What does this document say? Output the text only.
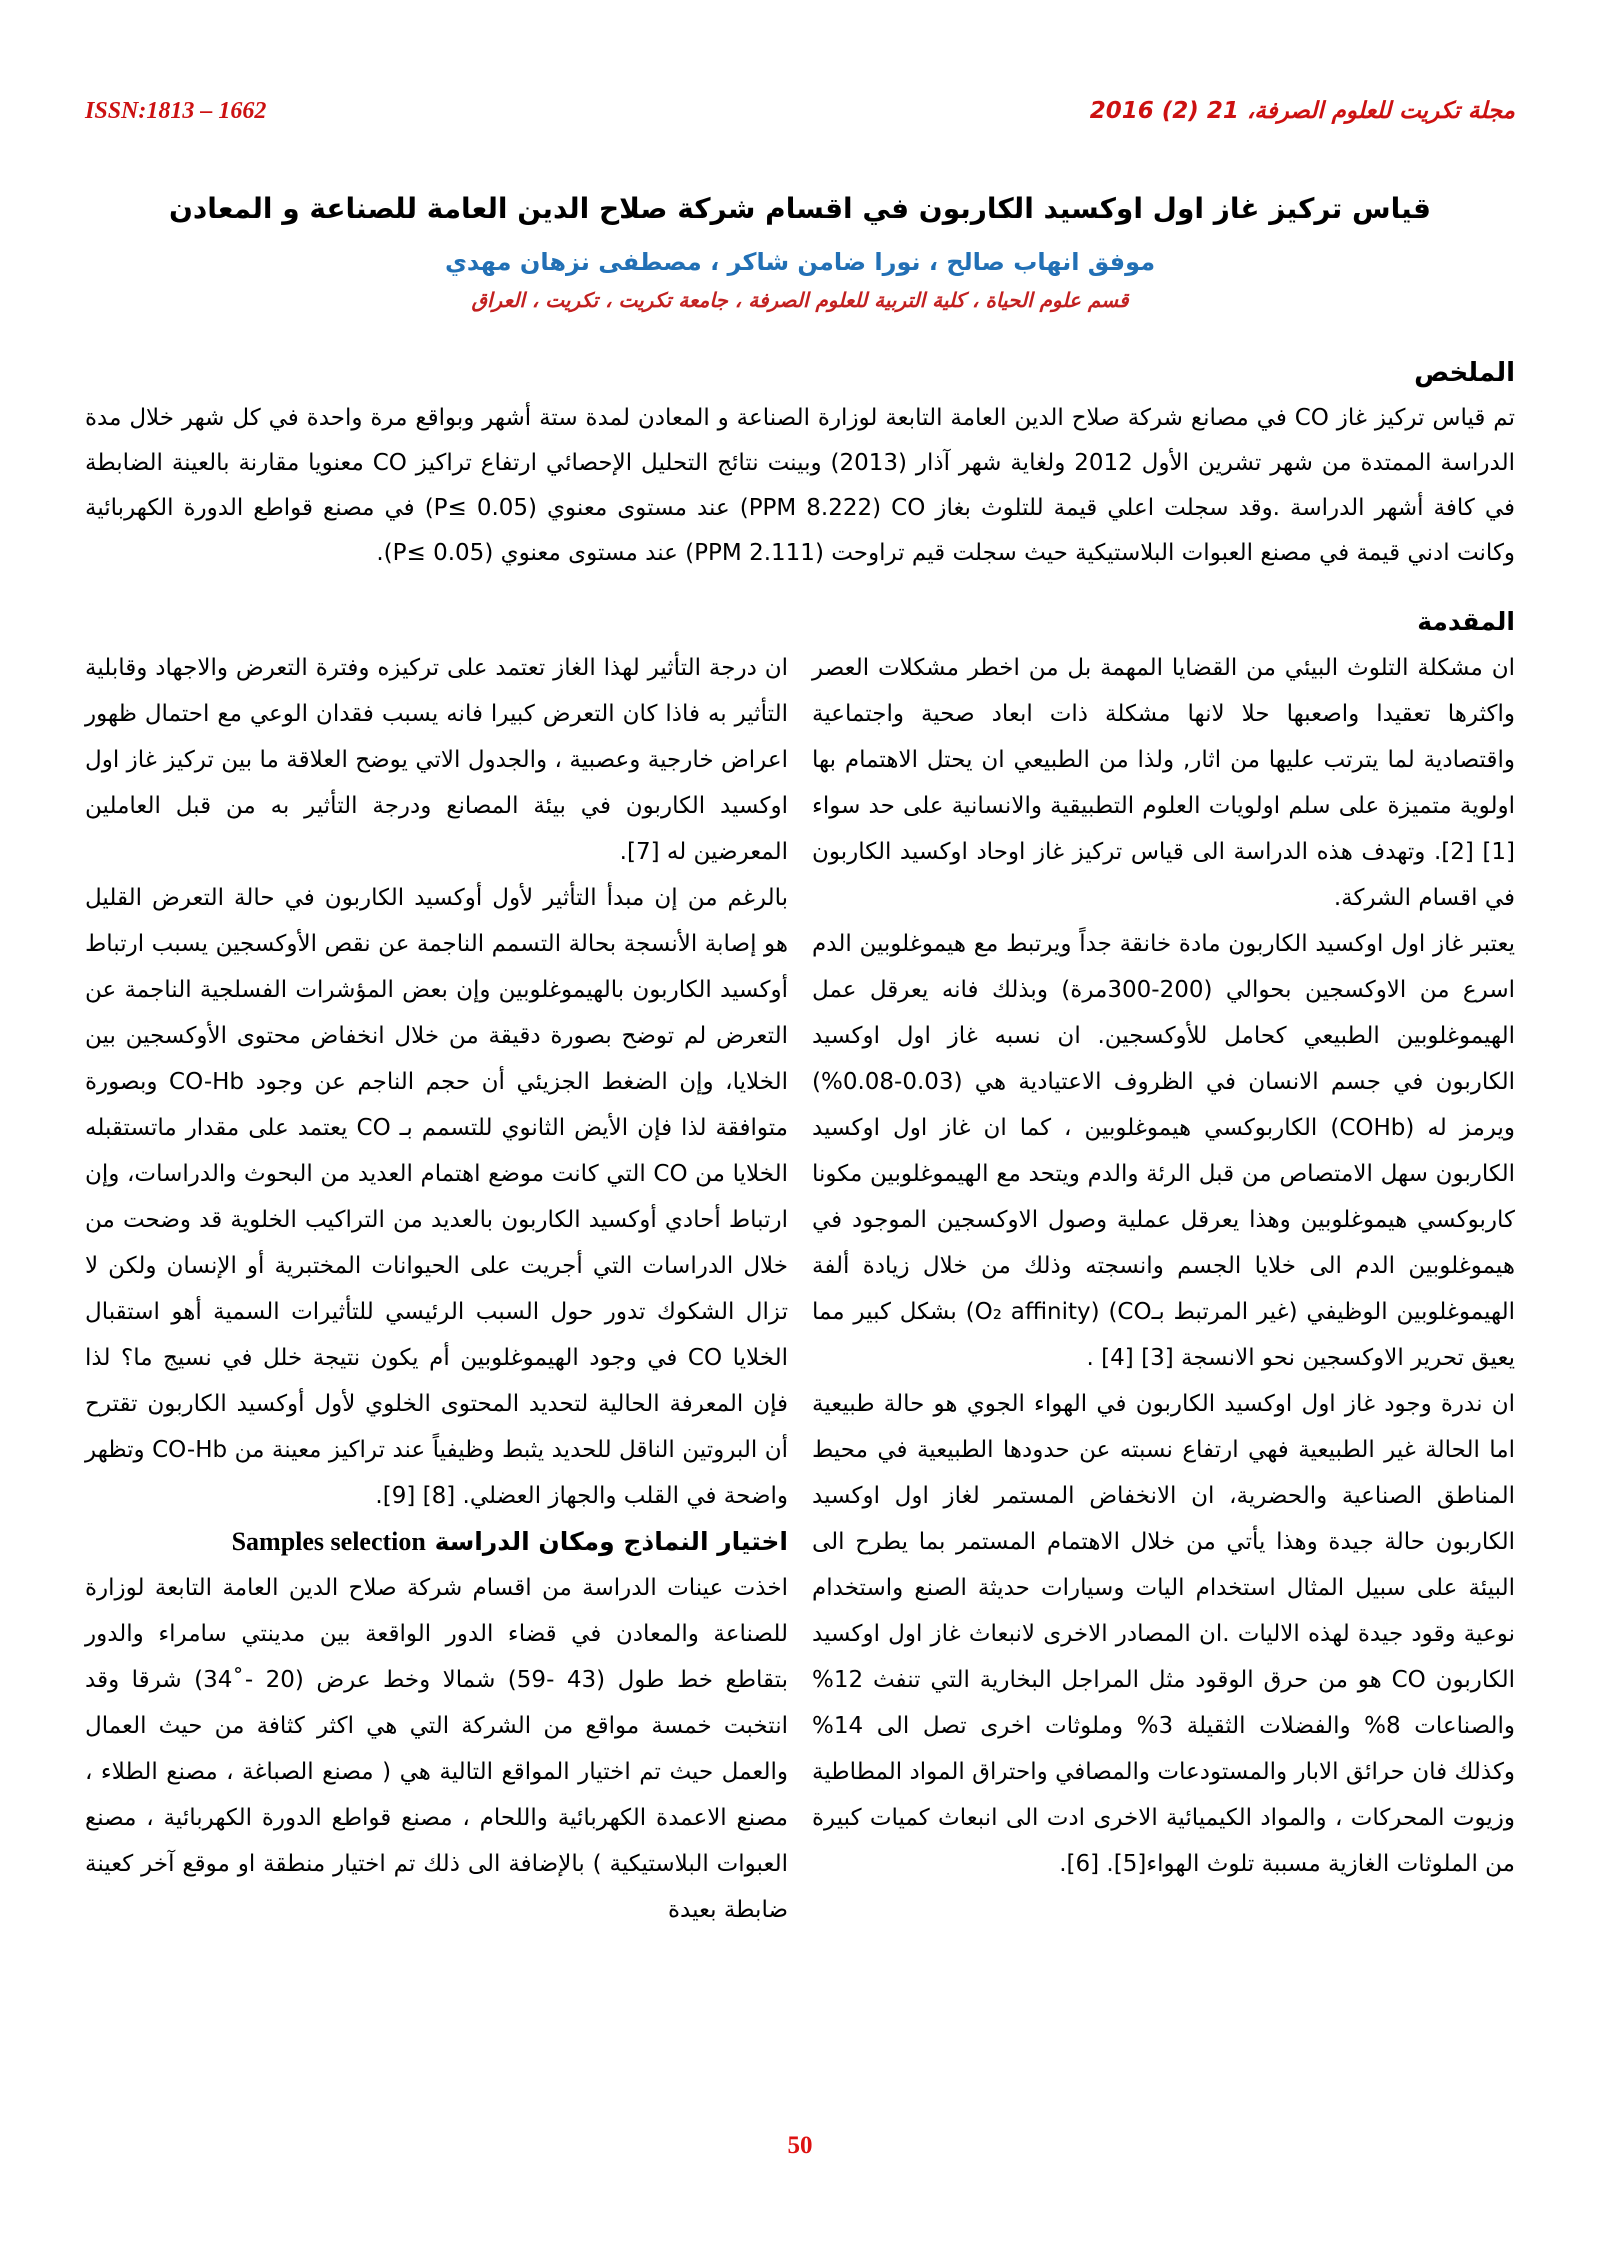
ISSN:1813 – 1662	مجلة تكريت للعلوم الصرفة، 21 (2) 2016
قياس تركيز غاز اول اوكسيد الكاربون في اقسام شركة صلاح الدين العامة للصناعة و المعادن
موفق انهاب صالح ، نورا ضامن شاكر ، مصطفى نزهان مهدي
قسم علوم الحياة ، كلية التربية للعلوم الصرفة ، جامعة تكريت ، تكريت ، العراق
الملخص

تم قياس تركيز غاز CO في مصانع شركة صلاح الدين العامة التابعة لوزارة الصناعة و المعادن لمدة ستة أشهر وبواقع مرة واحدة في كل شهر خلال مدة الدراسة الممتدة من شهر تشرين الأول 2012 ولغاية شهر آذار (2013) وبينت نتائج التحليل الإحصائي ارتفاع تراكيز CO معنويا مقارنة بالعينة الضابطة في كافة أشهر الدراسة .وقد سجلت اعلي قيمة للتلوث بغاز CO‏ (8.222 PPM) عند مستوى معنوي (P≤ 0.05) في مصنع قواطع الدورة الكهربائية وكانت ادني قيمة في مصنع العبوات البلاستيكية حيث سجلت قيم تراوحت (2.111 PPM) عند مستوى معنوي (P≤ 0.05).

ان درجة التأثير لهذا الغاز تعتمد على تركيزه وفترة التعرض والاجهاد وقابلية التأثير به فاذا كان التعرض كبيرا فانه يسبب فقدان الوعي مع احتمال ظهور اعراض خارجية وعصبية ، والجدول الاتي يوضح العلاقة ما بين تركيز غاز اول اوكسيد الكاربون في بيئة المصانع ودرجة التأثير به من قبل العاملين المعرضين له [7].

بالرغم من إن مبدأ التأثير لأول أوكسيد الكاربون في حالة التعرض القليل هو إصابة الأنسجة بحالة التسمم الناجمة عن نقص الأوكسجين يسبب ارتباط أوكسيد الكاربون بالهيموغلوبين وإن بعض المؤشرات الفسلجية الناجمة عن التعرض لم توضح بصورة دقيقة من خلال انخفاض محتوى الأوكسجين بين الخلايا، وإن الضغط الجزيئي أن حجم الناجم عن وجود CO-Hb وبصورة متوافقة لذا فإن الأيض الثانوي للتسمم بـ CO يعتمد على مقدار ماتستقبله الخلايا من CO التي كانت موضع اهتمام العديد من البحوث والدراسات، وإن ارتباط أحادي أوكسيد الكاربون بالعديد من التراكيب الخلوية قد وضحت من خلال الدراسات التي أجريت على الحيوانات المختبرية أو الإنسان ولكن لا تزال الشكوك تدور حول السبب الرئيسي للتأثيرات السمية أهو استقبال الخلايا CO في وجود الهيموغلوبين أم يكون نتيجة خلل في نسيج ما؟ لذا فإن المعرفة الحالية لتحديد المحتوى الخلوي لأول أوكسيد الكاربون تقترح أن البروتين الناقل للحديد يثبط وظيفياً عند تراكيز معينة من CO-Hb وتظهر واضحة في القلب والجهاز العضلي. [8] [9].

اختيار النماذج ومكان الدراسة Samples selection

اخذت عينات الدراسة من اقسام شركة صلاح الدين العامة التابعة لوزارة للصناعة والمعادن في قضاء الدور الواقعة بين مدينتي سامراء والدور بتقاطع خط طول (43 -59) شمالا وخط عرض (20 - 34ْ) شرقا وقد انتخبت خمسة مواقع من الشركة التي هي اكثر كثافة من حيث العمال والعمل حيث تم اختيار المواقع التالية هي ( مصنع الصباغة ، مصنع الطلاء ، مصنع الاعمدة الكهربائية واللحام ، مصنع قواطع الدورة الكهربائية ، مصنع العبوات البلاستيكية ) بالإضافة الى ذلك تم اختيار منطقة او موقع آخر كعينة ضابطة بعيدة

المقدمة

ان مشكلة التلوث البيئي من القضايا المهمة بل من اخطر مشكلات العصر واكثرها تعقيدا واصعبها حلا لانها مشكلة ذات ابعاد صحية واجتماعية واقتصادية لما يترتب عليها من اثار, ولذا من الطبيعي ان يحتل الاهتمام بها اولوية متميزة على سلم اولويات العلوم التطبيقية والانسانية على حد سواء [1] [2]. وتهدف هذه الدراسة الى قياس تركيز غاز اوحاد اوكسيد الكاربون في اقسام الشركة.

يعتبر غاز اول اوكسيد الكاربون مادة خانقة جداً ويرتبط مع هيموغلوبين الدم اسرع من الاوكسجين بحوالي (200-300مرة) وبذلك فانه يعرقل عمل الهيموغلوبين الطبيعي كحامل للأوكسجين. ان نسبه غاز اول اوكسيد الكاربون في جسم الانسان في الظروف الاعتيادية هي (0.03-0.08%) ويرمز له (COHb) الكاربوكسي هيموغلوبين ، كما ان غاز اول اوكسيد الكاربون سهل الامتصاص من قبل الرئة والدم ويتحد مع الهيموغلوبين مكونا كاربوكسي هيموغلوبين وهذا يعرقل عملية وصول الاوكسجين الموجود في هيموغلوبين الدم الى خلايا الجسم وانسجته وذلك من خلال زيادة ألفة الهيموغلوبين الوظيفي (غير المرتبط بـCO‏) (O₂ affinity) بشكل كبير مما يعيق تحرير الاوكسجين نحو الانسجة [3] [4] .

ان ندرة وجود غاز اول اوكسيد الكاربون في الهواء الجوي هو حالة طبيعية اما الحالة غير الطبيعية فهي ارتفاع نسبته عن حدودها الطبيعية في محيط المناطق الصناعية والحضرية، ان الانخفاض المستمر لغاز اول اوكسيد الكاربون حالة جيدة وهذا يأتي من خلال الاهتمام المستمر بما يطرح الى البيئة على سبيل المثال استخدام اليات وسيارات حديثة الصنع واستخدام نوعية وقود جيدة لهذه الاليات .ان المصادر الاخرى لانبعاث غاز اول اوكسيد الكاربون CO هو من حرق الوقود مثل المراجل البخارية التي تنفث 12% والصناعات 8% والفضلات الثقيلة 3% وملوثات اخرى تصل الى 14% وكذلك فان حرائق الابار والمستودعات والمصافي واحتراق المواد المطاطية وزيوت المحركات ، والمواد الكيميائية الاخرى ادت الى انبعاث كميات كبيرة من الملوثات الغازية مسببة تلوث الهواء[5]. [6].

50
